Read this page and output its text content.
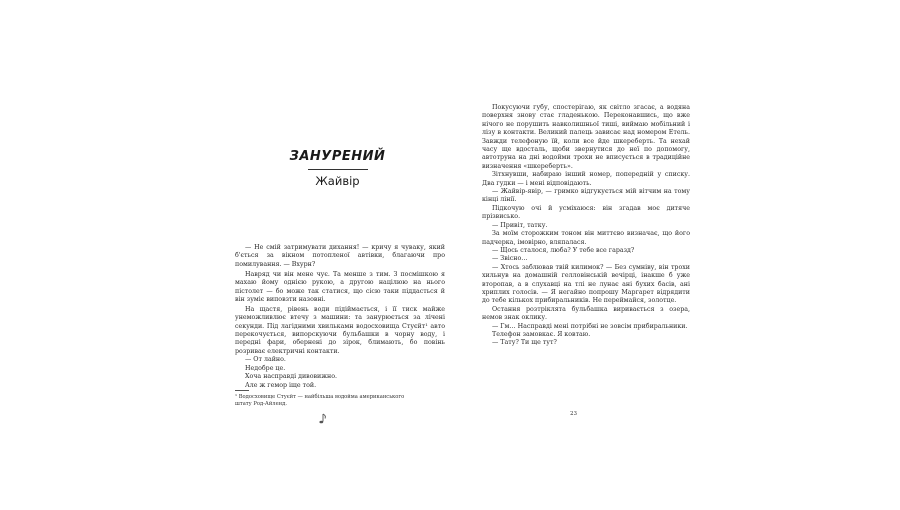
ЗАНУРЕНИЙ
Жайвір

— Не смій затримувати дихання! — кричу я чуваку, який б'ється за вікном потопленої автівки, благаючи про помилування. — Вхурн?

Навряд чи він мене чує. Та менше з тим. З посмішкою я махаю йому однією рукою, а другою націлюю на нього пістолет — бо може так статися, що сісю таки піддасться й він зуміє виповзти назовні.

На щастя, рівень води підіймається, і її тиск майже унеможливлює втечу з машини: та занурюється за лічені секунди. Під лагідними хвилькамн водосховища Стуєйт¹ авто перекочується, випорскуючи бульбашки в чорну воду, і передні фари, обернені до зірок, блимають, бо повінь розриває електричні контакти.

— От лайно.

Недобре це.

Хоча насправді дивовижно.

Але ж гемор іще той.

¹ Водосховище Стуєйт — найбільша водойма американського штату Род-Айленд.

Покусуючи губу, спостерігаю, як світло згасає, а водяна поверхня знову стає гладенькою. Переконавшись, що вже нічого не порушить навколишньої тиші, виймаю мобільний і лізу в контакти. Великий палець зависає над номером Етель. Завжди телефоную їй, коли все йде шкереберть. Та нехай часу ще вдосталь, щоби звернутися до неї по допомогу, автотруна на дні водойми трохи не вписується в традиційне визначення «шкереберть».

Зітхнувши, набираю інший номер, попередній у списку. Два гудки — і мені відповідають.

— Жайвір-явір, — гримко відгукується мій вітчим на тому кінці лінії.

Підкочую очі й усміхаюся: він згадав моє дитяче прізвисько.

— Привіт, татку.

За моїм сторожким тоном він миттєво визначає, що його падчерка, імовірно, вляпалася.

— Щось сталося, люба? У тебе все гаразд?

— Звісно…

— Хтось заблював твій килимок? — Без сумніву, він трохи хильнув на домашній гелловінській вечірці, інакше б уже второпав, а в слухавці на тлі не лунає ані бухих басів, ані хриплих голосів. — Я негайно попрошу Маргарет відрядити до тебе кількох прибиральників. Не переймайся, золотце.

Остання розтріклята бульбашка виривається з озера, немов знак оклику.

— Гм… Насправді мені потрібні не зовсім прибиральники.

Телефон замовкає. Я ковтаю.

— Тату? Ти ще тут?

23
